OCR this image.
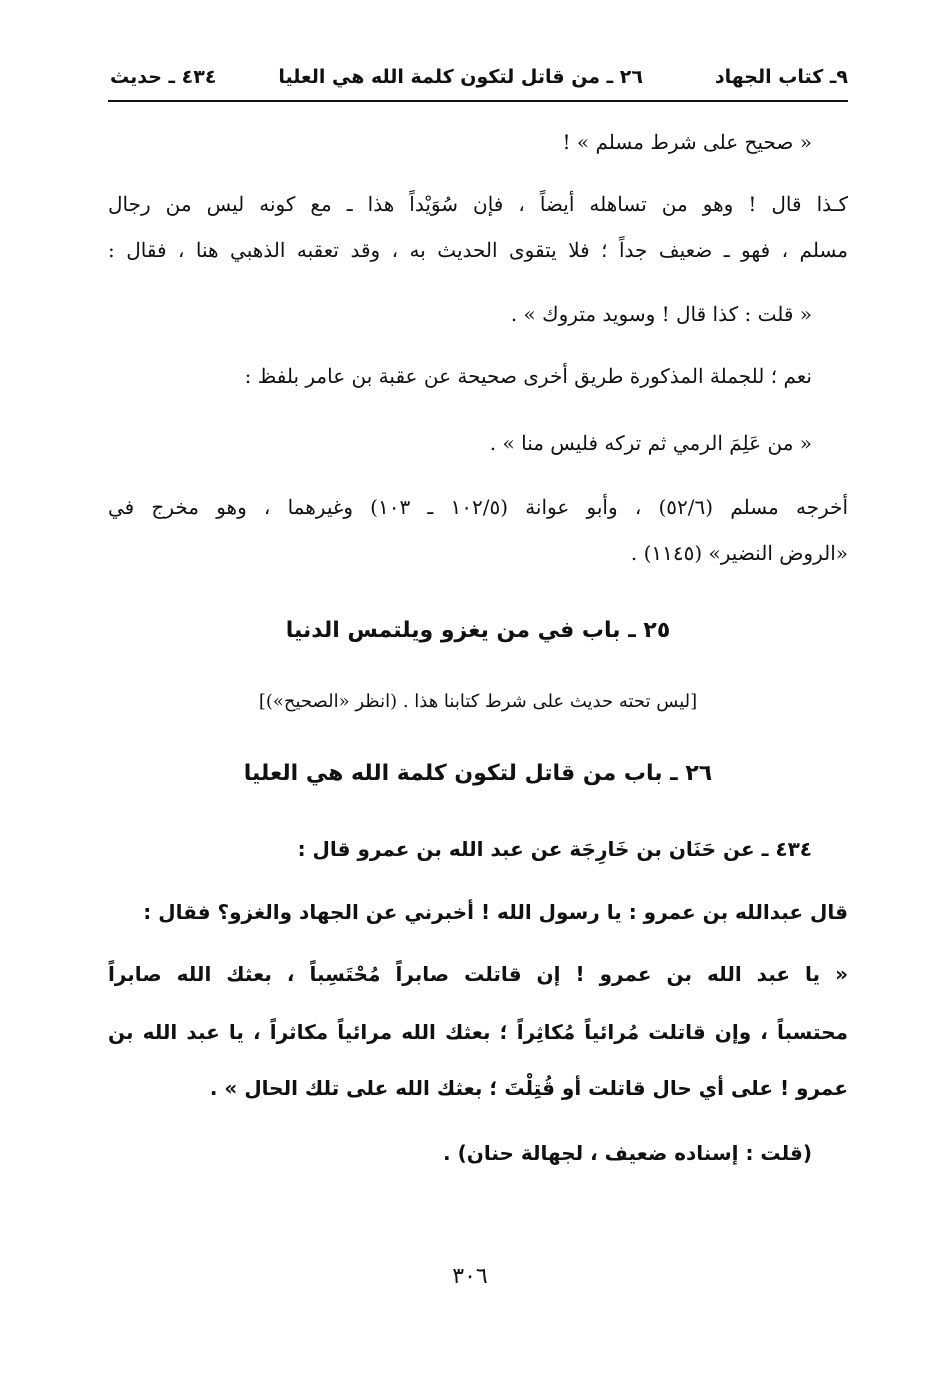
٩ـ كتاب الجهاد
٢٦ ـ من قاتل لتكون كلمة الله هي العليا
٤٣٤ ـ حديث
« صحيح على شرط مسلم » !
كـذا قال ! وهو من تساهله أيضاً ، فإن سُوَيْداً هذا ـ مع كونه ليس من رجال
مسلم ، فهو ـ ضعيف جداً ؛ فلا يتقوى الحديث به ، وقد تعقبه الذهبي هنا ، فقال :
« قلت : كذا قال ! وسويد متروك » .
نعم ؛ للجملة المذكورة طريق أخرى صحيحة عن عقبة بن عامر بلفظ :
« من عَلِمَ الرمي ثم تركه فليس منا » .
أخرجه مسلم (٥٢/٦) ، وأبو عوانة (١٠٢/٥ ـ ١٠٣) وغيرهما ، وهو مخرج في
«الروض النضير» (١١٤٥) .
٢٥ ـ باب في من يغزو ويلتمس الدنيا
[ليس تحته حديث على شرط كتابنا هذا . (انظر «الصحيح»)]
٢٦ ـ باب من قاتل لتكون كلمة الله هي العليا
٤٣٤ ـ عن حَنَان بن خَارِجَة عن عبد الله بن عمرو قال :
قال عبدالله بن عمرو : يا رسول الله ! أخبرني عن الجهاد والغزو؟ فقال :
« يا عبد الله بن عمرو ! إن قاتلت صابراً مُحْتَسِباً ، بعثك الله صابراً
محتسباً ، وإن قاتلت مُرائياً مُكاثِراً ؛ بعثك الله مرائياً مكاثراً ، يا عبد الله بن
عمرو ! على أي حال قاتلت أو قُتِلْتَ ؛ بعثك الله على تلك الحال » .
(قلت : إسناده ضعيف ، لجهالة حنان) .
٣٠٦
